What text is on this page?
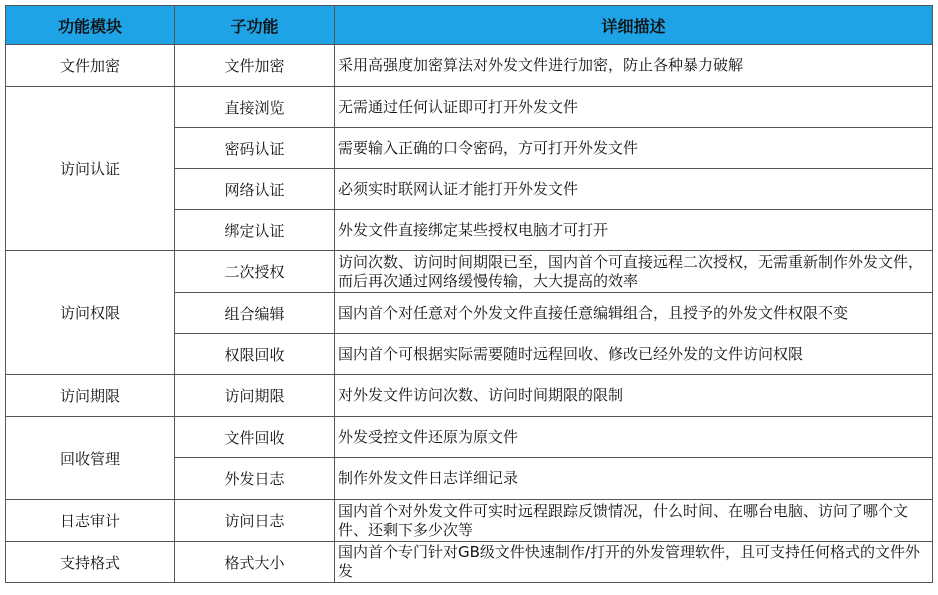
功能模块	子功能	详细描述
文件加密	文件加密	采用高强度加密算法对外发文件进行加密，防止各种暴力破解
访问认证	直接浏览	无需通过任何认证即可打开外发文件
	密码认证	需要输入正确的口令密码，方可打开外发文件
	网络认证	必须实时联网认证才能打开外发文件
	绑定认证	外发文件直接绑定某些授权电脑才可打开
访问权限	二次授权	访问次数、访问时间期限已至，国内首个可直接远程二次授权，无需重新制作外发文件，而后再次通过网络缓慢传输，大大提高的效率
	组合编辑	国内首个对任意对个外发文件直接任意编辑组合，且授予的外发文件权限不变
	权限回收	国内首个可根据实际需要随时远程回收、修改已经外发的文件访问权限
访问期限	访问期限	对外发文件访问次数、访问时间期限的限制
回收管理	文件回收	外发受控文件还原为原文件
	外发日志	制作外发文件日志详细记录
日志审计	访问日志	国内首个对外发文件可实时远程跟踪反馈情况，什么时间、在哪台电脑、访问了哪个文件、还剩下多少次等
支持格式	格式大小	国内首个专门针对GB级文件快速制作/打开的外发管理软件，且可支持任何格式的文件外发
